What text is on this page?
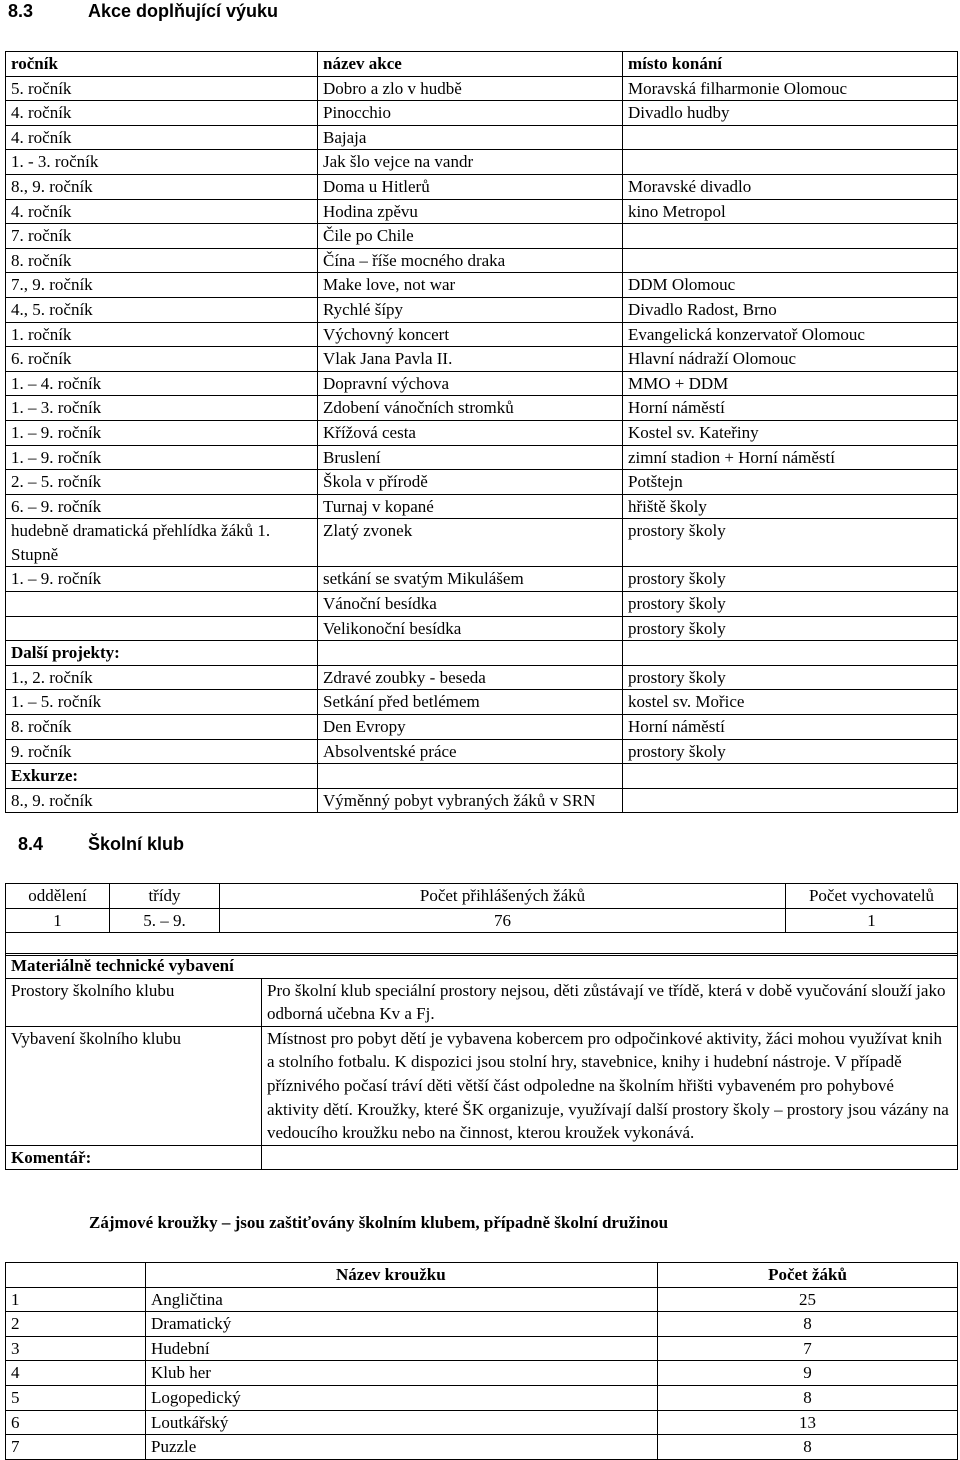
8.3	Akce doplňující výuku
ročník	název akce	místo konání
5. ročník	Dobro a zlo v hudbě	Moravská filharmonie Olomouc
4. ročník	Pinocchio	Divadlo hudby
4. ročník	Bajaja	
1. - 3. ročník	Jak šlo vejce na vandr	
8., 9. ročník	Doma u Hitlerů	Moravské divadlo
4. ročník	Hodina zpěvu	kino Metropol
7. ročník	Čile po Chile	
8. ročník	Čína – říše mocného draka	
7., 9. ročník	Make love, not war	DDM Olomouc
4., 5. ročník	Rychlé šípy	Divadlo Radost, Brno
1. ročník	Výchovný koncert	Evangelická konzervatoř Olomouc
6. ročník	Vlak Jana Pavla II.	Hlavní nádraží Olomouc
1. – 4. ročník	Dopravní výchova	MMO + DDM
1. – 3. ročník	Zdobení vánočních stromků	Horní náměstí
1. – 9. ročník	Křížová cesta	Kostel sv. Kateřiny
1. – 9. ročník	Bruslení	zimní stadion + Horní náměstí
2. – 5. ročník	Škola v přírodě	Potštejn
6. – 9. ročník	Turnaj v kopané	hřiště školy
hudebně dramatická přehlídka žáků 1. Stupně	Zlatý zvonek	prostory školy
1. – 9. ročník	setkání se svatým Mikulášem	prostory školy
	Vánoční besídka	prostory školy
	Velikonoční besídka	prostory školy
Další projekty:		
1., 2. ročník	Zdravé zoubky - beseda	prostory školy
1. – 5. ročník	Setkání před betlémem	kostel sv. Mořice
8. ročník	Den Evropy	Horní náměstí
9. ročník	Absolventské práce	prostory školy
Exkurze:		
8., 9. ročník	Výměnný pobyt vybraných žáků v SRN	
8.4 Školní klub
oddělení	třídy	Počet přihlášených žáků	Počet vychovatelů
1	5. – 9.	76	1

Materiálně technické vybavení	
Prostory školního klubu	Pro školní klub speciální prostory nejsou, děti zůstávají ve třídě, která v době vyučování slouží jako odborná učebna Kv a Fj.
Vybavení školního klubu	Místnost pro pobyt dětí je vybavena kobercem pro odpočinkové aktivity, žáci mohou využívat knih a stolního fotbalu. K dispozici jsou stolní hry, stavebnice, knihy i hudební nástroje. V případě příznivého počasí tráví děti větší část odpoledne na školním hřišti vybaveném pro pohybové aktivity dětí. Kroužky, které ŠK organizuje, využívají další prostory školy – prostory jsou vázány na vedoucího kroužku nebo na činnost, kterou kroužek vykonává.
Komentář:	
Zájmové kroužky – jsou zaštiťovány školním klubem, případně školní družinou
	Název kroužku	Počet žáků
1	Angličtina	25
2	Dramatický	8
3	Hudební	7
4	Klub her	9
5	Logopedický	8
6	Loutkářský	13
7	Puzzle	8
